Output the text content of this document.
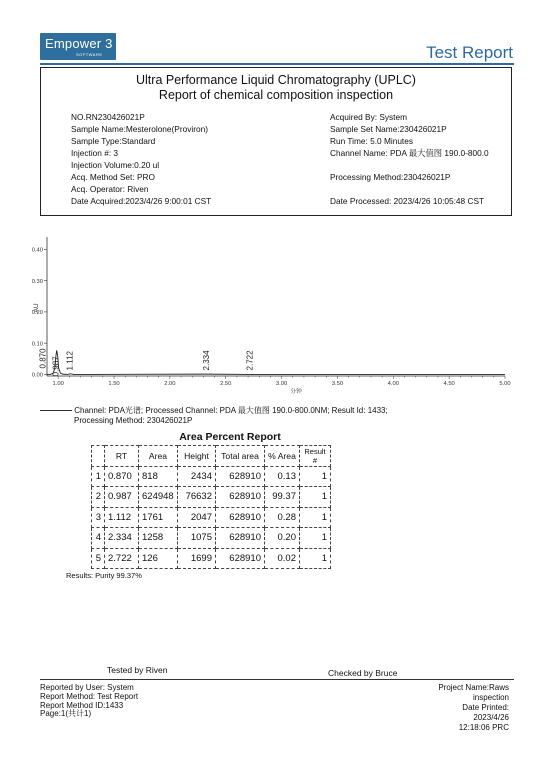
Empower 3
SOFTWARE	Test Report
Ultra Performance Liquid Chromatography (UPLC)
Report of chemical composition inspection
NO.RN230426021P
Sample Name:Mesterolone(Proviron)
Sample Type:Standard
Injection #: 3
Injection Volume:0.20 ul
Acq. Method Set: PRO
Acq. Operator: Riven
Date Acquired:2023/4/26 9:00:01 CST
Acquired By: System
Sample Set Name:230426021P
Run Time: 5.0 Minutes
Channel Name: PDA 最大值图 190.0-800.0
Processing Method:230426021P
Date Processed: 2023/4/26 10:05:48 CST
0.00
0.10
0.20
0.30
0.40
1.00	1.50	2.00	2.50	3.00	3.50	4.00	4.50	5.00
AU
分钟
0.870 0.987 1.112	2.334	2.722
Channel: PDA光谱; Processed Channel: PDA 最大值图 190.0-800.0NM; Result Id: 1433;
Processing Method: 230426021P
Area Percent Report
	RT	Area	Height	Total area	% Area	Result #
1	0.870	818	2434	628910	0.13	1
2	0.987	624948	76632	628910	99.37	1
3	1.112	1761	2047	628910	0.28	1
4	2.334	1258	1075	628910	0.20	1
5	2.722	126	1699	628910	0.02	1
Results: Purity 99.37%
Tested by Riven	Checked by Bruce
Reported by User: System
Report Method: Test Report
Report Method ID:1433
Page:1(共计1)
Project Name:Raws
inspection
Date Printed:
2023/4/26
12:18:06 PRC
